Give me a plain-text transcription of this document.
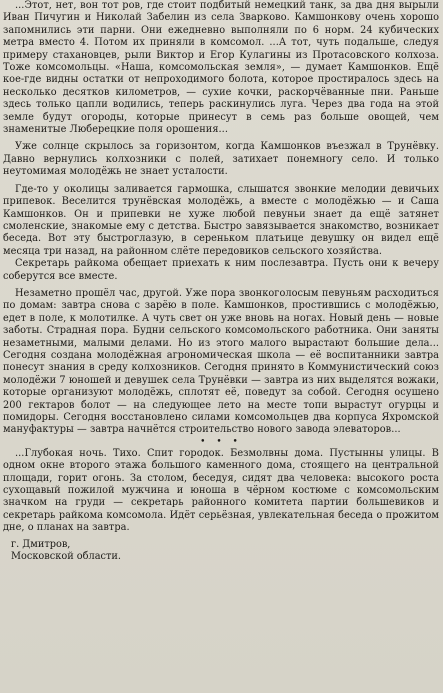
...Этот, нет, вон тот ров, где стоит подбитый немецкий танк, за два дня вырыли Иван Пичугин и Николай Забелин из села Зварково. Камшонкову очень хорошо запомнились эти парни. Они ежедневно выполняли по 6 норм. 24 кубических метра вместо 4. Потом их приняли в комсомол. ...А тот, чуть подальше, следуя примеру стахановцев, рыли Виктор и Егор Кулагины из Протасовского колхоза. Тоже комсомольцы. «Наша, комсомольская земля», — думает Камшонков. Ещё кое-где видны остатки от непроходимого болота, которое простиралось здесь на несколько десятков километров, — сухие кочки, раскорчёванные пни. Раньше здесь только цапли водились, теперь раскинулись луга. Через два года на этой земле будут огороды, которые принесут в семь раз больше овощей, чем знаменитые Люберецкие поля орошения...

Уже солнце скрылось за горизонтом, когда Камшонков въезжал в Трунёвку. Давно вернулись колхозники с полей, затихает понемногу село. И только неутомимая молодёжь не знает усталости.

Где-то у околицы заливается гармошка, слышатся звонкие мелодии девичьих припевок. Веселится трунёвская молодёжь, а вместе с молодёжью — и Саша Камшонков. Он и припевки не хуже любой певуньи знает да ещё затянет смоленские, знакомые ему с детства. Быстро завязывается знакомство, возникает беседа. Вот эту быстроглазую, в сереньком платьице девушку он видел ещё месяца три назад, на районном слёте передовиков сельского хозяйства.

Секретарь райкома обещает приехать к ним послезавтра. Пусть они к вечеру соберутся все вместе.

Незаметно прошёл час, другой. Уже пора звонкоголосым певуньям расходиться по домам: завтра снова с зарёю в поле. Камшонков, простившись с молодёжью, едет в поле, к молотилке. А чуть свет он уже вновь на ногах. Новый день — новые заботы. Страдная пора. Будни сельского комсомольского работника. Они заняты незаметными, малыми делами. Но из этого малого вырастают большие дела... Сегодня создана молодёжная агрономическая школа — её воспитанники завтра понесут знания в среду колхозников. Сегодня принято в Коммунистический союз молодёжи 7 юношей и девушек села Трунёвки — завтра из них выделятся вожаки, которые организуют молодёжь, сплотят её, поведут за собой. Сегодня осушено 200 гектаров болот — на следующее лето на месте топи вырастут огурцы и помидоры. Сегодня восстановлено силами комсомольцев два корпуса Яхромской мануфактуры — завтра начнётся строительство нового завода элеваторов...

• • •

...Глубокая ночь. Тихо. Спит городок. Безмолвны дома. Пустынны улицы. В одном окне второго этажа большого каменного дома, стоящего на центральной площади, горит огонь. За столом, беседуя, сидят два человека: высокого роста сухощавый пожилой мужчина и юноша в чёрном костюме с комсомольским значком на груди — секретарь районного комитета партии большевиков и секретарь райкома комсомола. Идёт серьёзная, увлекательная беседа о прожитом дне, о планах на завтра.

г. Дмитров,
Московской области.
